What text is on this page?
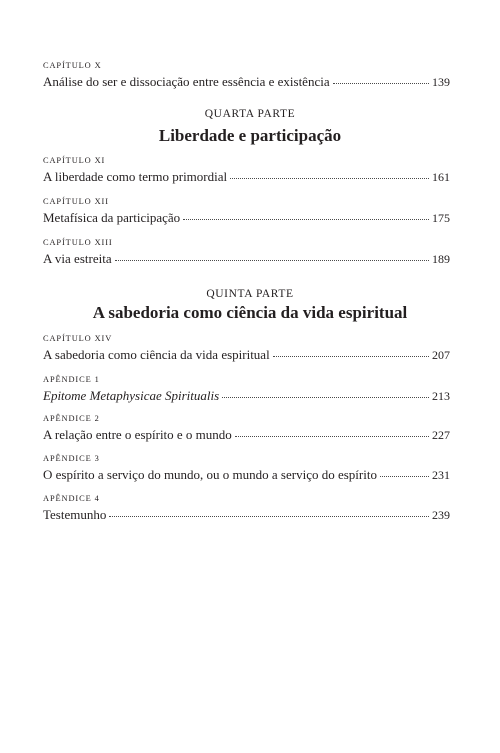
CAPÍTULO X
Análise do ser e dissociação entre essência e existência	139
QUARTA PARTE
Liberdade e participação
CAPÍTULO XI
A liberdade como termo primordial	161
CAPÍTULO XII
Metafísica da participação	175
CAPÍTULO XIII
A via estreita	189
QUINTA PARTE
A sabedoria como ciência da vida espiritual
CAPÍTULO XIV
A sabedoria como ciência da vida espiritual	207
APÊNDICE 1
Epitome Metaphysicae Spiritualis	213
APÊNDICE 2
A relação entre o espírito e o mundo	227
APÊNDICE 3
O espírito a serviço do mundo, ou o mundo a serviço do espírito	231
APÊNDICE 4
Testemunho	239
